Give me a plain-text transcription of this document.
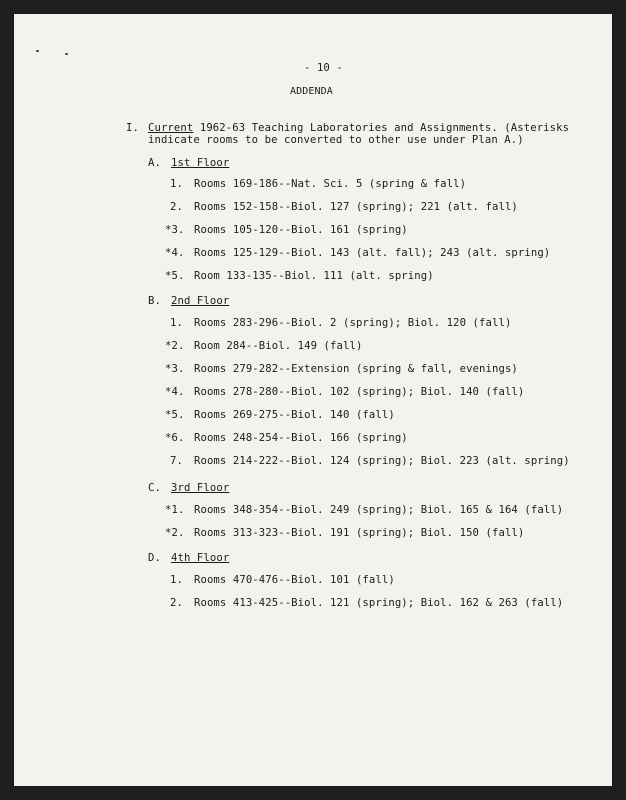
- 10 -
ADDENDA
I. Current 1962-63 Teaching Laboratories and Assignments. (Asterisks
indicate rooms to be converted to other use under Plan A.)
A. 1st Floor
1. Rooms 169-186--Nat. Sci. 5 (spring & fall)
2. Rooms 152-158--Biol. 127 (spring); 221 (alt. fall)
*3. Rooms 105-120--Biol. 161 (spring)
*4. Rooms 125-129--Biol. 143 (alt. fall); 243 (alt. spring)
*5. Room 133-135--Biol. 111 (alt. spring)
B. 2nd Floor
1. Rooms 283-296--Biol. 2 (spring); Biol. 120 (fall)
*2. Room 284--Biol. 149 (fall)
*3. Rooms 279-282--Extension (spring & fall, evenings)
*4. Rooms 278-280--Biol. 102 (spring); Biol. 140 (fall)
*5. Rooms 269-275--Biol. 140 (fall)
*6. Rooms 248-254--Biol. 166 (spring)
7. Rooms 214-222--Biol. 124 (spring); Biol. 223 (alt. spring)
C. 3rd Floor
*1. Rooms 348-354--Biol. 249 (spring); Biol. 165 & 164 (fall)
*2. Rooms 313-323--Biol. 191 (spring); Biol. 150 (fall)
D. 4th Floor
1. Rooms 470-476--Biol. 101 (fall)
2. Rooms 413-425--Biol. 121 (spring); Biol. 162 & 263 (fall)
